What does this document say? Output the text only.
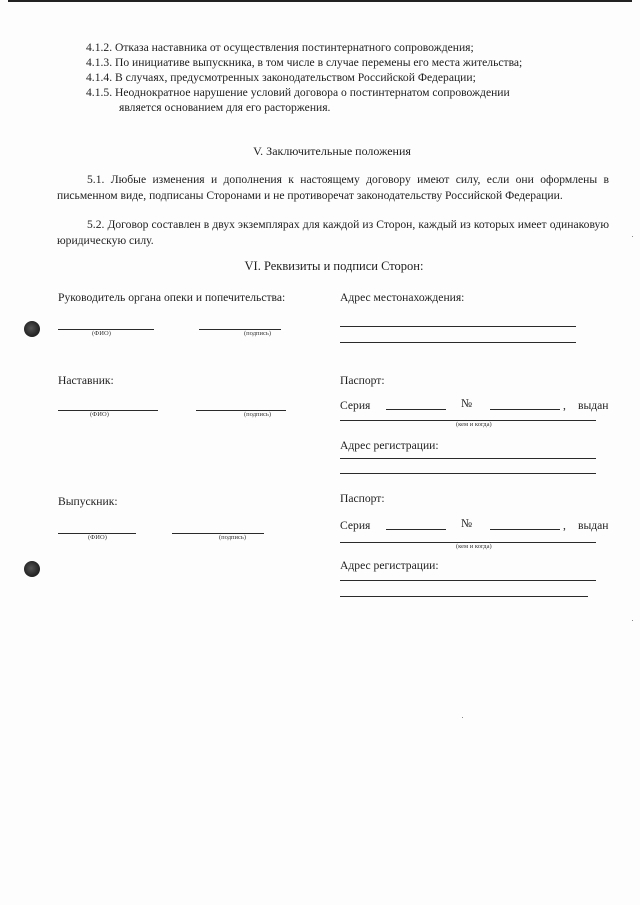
4.1.2. Отказа наставника от осуществления постинтернатного сопровождения;
4.1.3. По инициативе выпускника, в том числе в случае перемены его места жительства;
4.1.4. В случаях, предусмотренных законодательством Российской Федерации;
4.1.5. Неоднократное нарушение условий договора о постинтернатом сопровождении
является основанием для его расторжения.
V. Заключительные положения
5.1. Любые изменения и дополнения к настоящему договору имеют силу, если они оформлены в письменном виде, подписаны Сторонами и не противоречат законодательству Российской Федерации.
5.2. Договор составлен в двух экземплярах для каждой из Сторон, каждый из которых имеет одинаковую юридическую силу.
VI. Реквизиты и подписи Сторон:
Руководитель органа опеки и попечительства:
(ФИО)	(подпись)
Адрес местонахождения:
Наставник:
(ФИО)	(подпись)
Паспорт:
Серия	№	, выдан
(кем и когда)
Адрес регистрации:
Выпускник:
(ФИО)	(подпись)
Паспорт:
Серия	№	, выдан
(кем и когда)
Адрес регистрации:
